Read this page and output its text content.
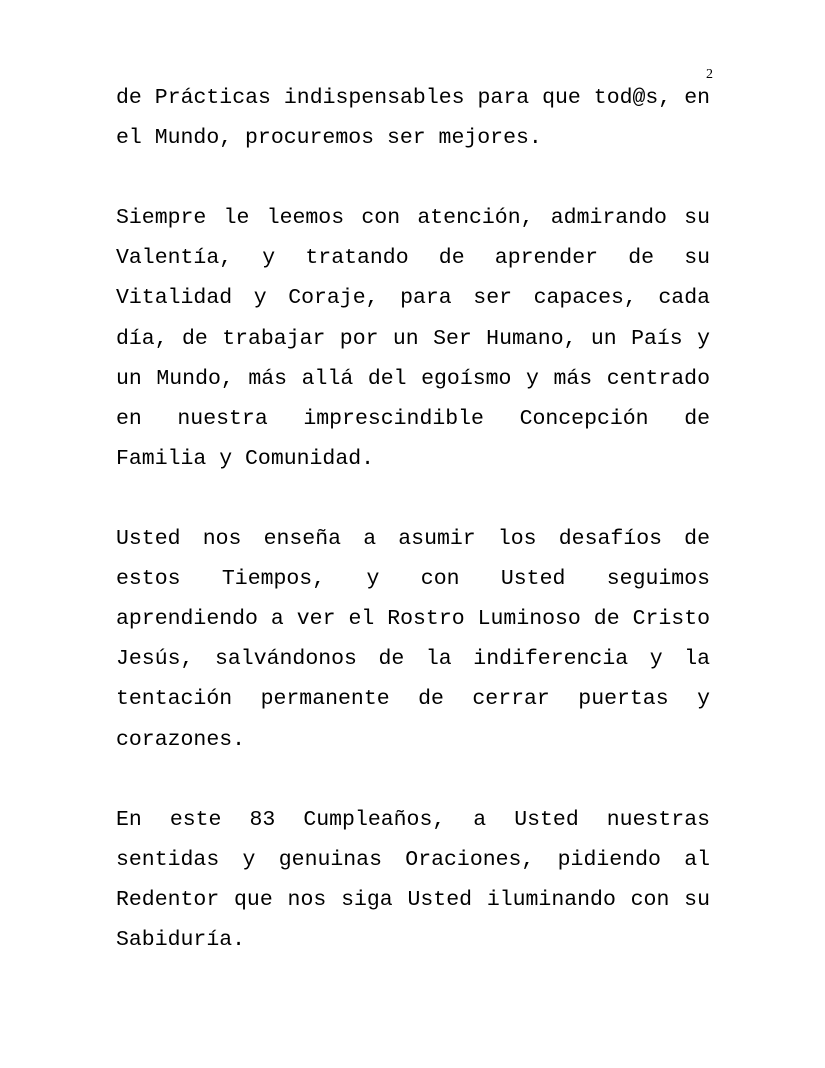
2

de Prácticas indispensables para que tod@s, en el Mundo, procuremos ser mejores.

Siempre le leemos con atención, admirando su Valentía, y tratando de aprender de su Vitalidad y Coraje, para ser capaces, cada día, de trabajar por un Ser Humano, un País y un Mundo, más allá del egoísmo y más centrado en nuestra imprescindible Concepción de Familia y Comunidad.

Usted nos enseña a asumir los desafíos de estos Tiempos, y con Usted seguimos aprendiendo a ver el Rostro Luminoso de Cristo Jesús, salvándonos de la indiferencia y la tentación permanente de cerrar puertas y corazones.

En este 83 Cumpleaños, a Usted nuestras sentidas y genuinas Oraciones, pidiendo al Redentor que nos siga Usted iluminando con su Sabiduría.
